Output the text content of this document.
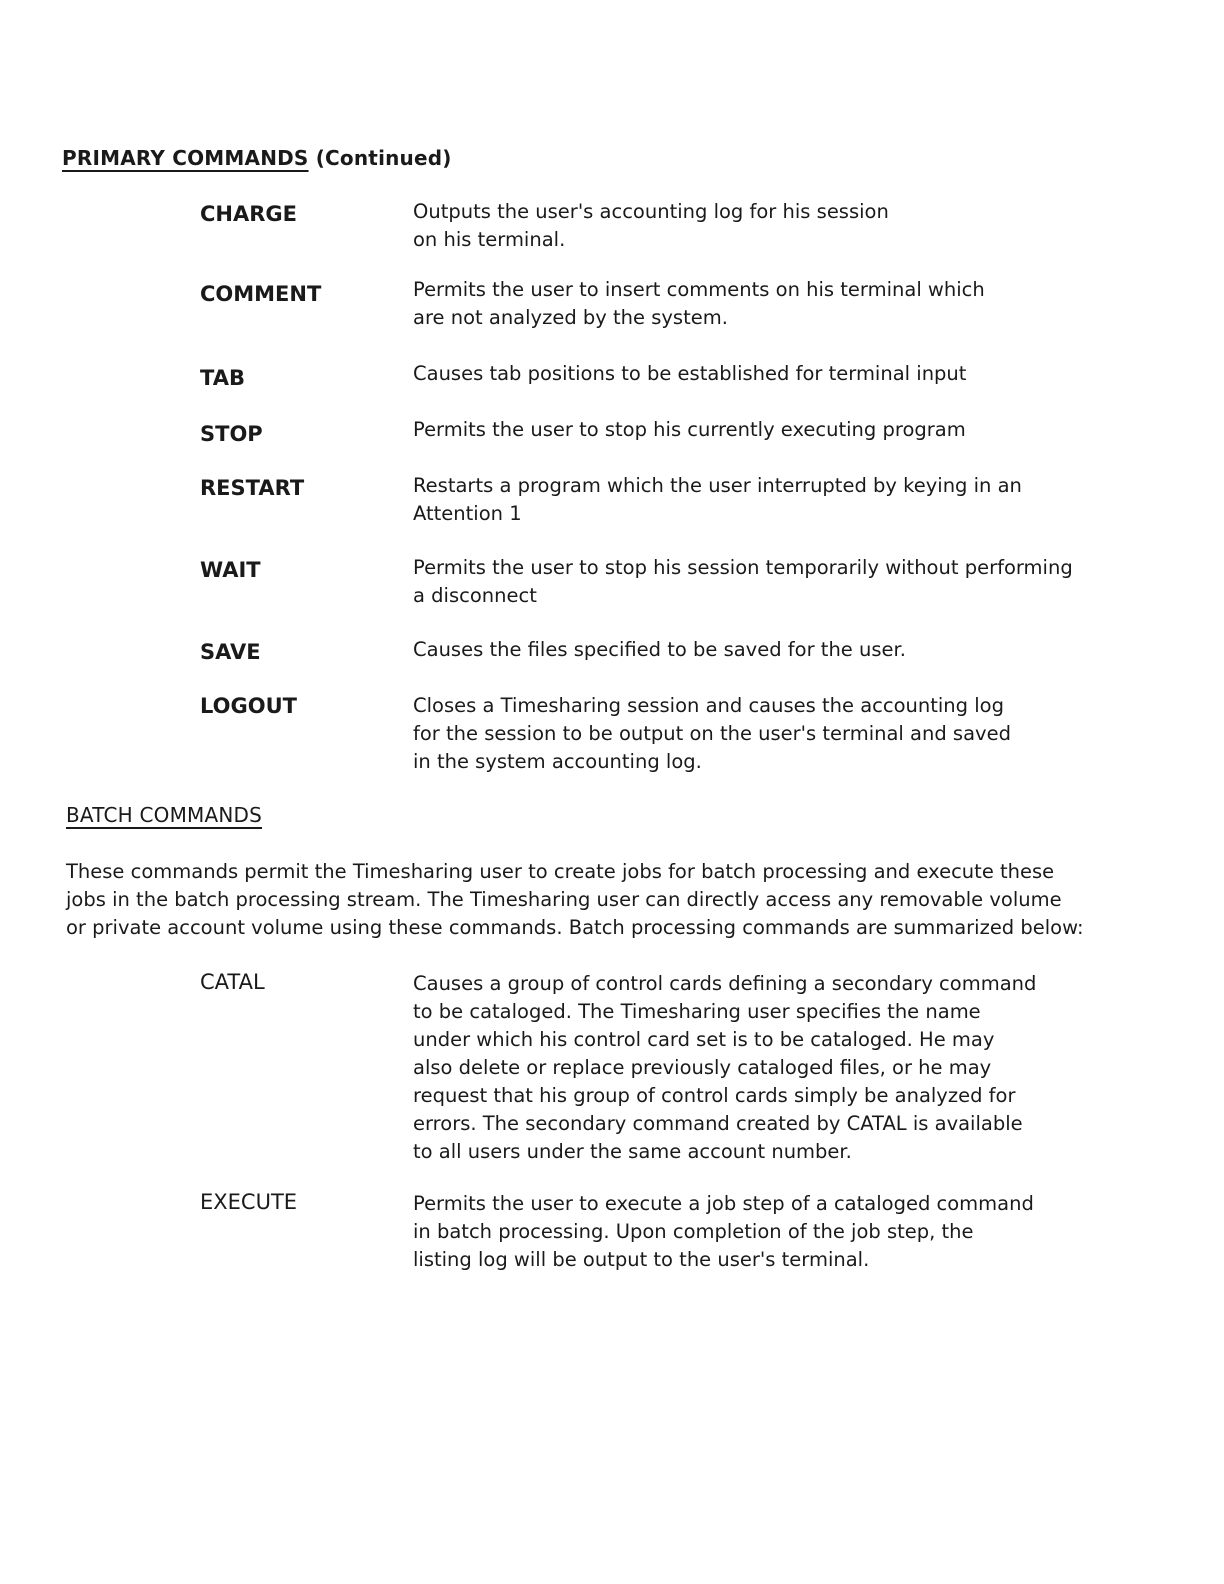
PRIMARY COMMANDS (Continued)
CHARGE	Outputs the user's accounting log for his session
on his terminal.
COMMENT	Permits the user to insert comments on his terminal which
are not analyzed by the system.
TAB	Causes tab positions to be established for terminal input
STOP	Permits the user to stop his currently executing program
RESTART	Restarts a program which the user interrupted by keying in an
Attention 1
WAIT	Permits the user to stop his session temporarily without performing
a disconnect
SAVE	Causes the files specified to be saved for the user.
LOGOUT	Closes a Timesharing session and causes the accounting log
for the session to be output on the user's terminal and saved
in the system accounting log.
BATCH COMMANDS
These commands permit the Timesharing user to create jobs for batch processing and execute these
jobs in the batch processing stream. The Timesharing user can directly access any removable volume
or private account volume using these commands. Batch processing commands are summarized below:
CATAL	Causes a group of control cards defining a secondary command
to be cataloged. The Timesharing user specifies the name
under which his control card set is to be cataloged. He may
also delete or replace previously cataloged files, or he may
request that his group of control cards simply be analyzed for
errors. The secondary command created by CATAL is available
to all users under the same account number.
EXECUTE	Permits the user to execute a job step of a cataloged command
in batch processing. Upon completion of the job step, the
listing log will be output to the user's terminal.
